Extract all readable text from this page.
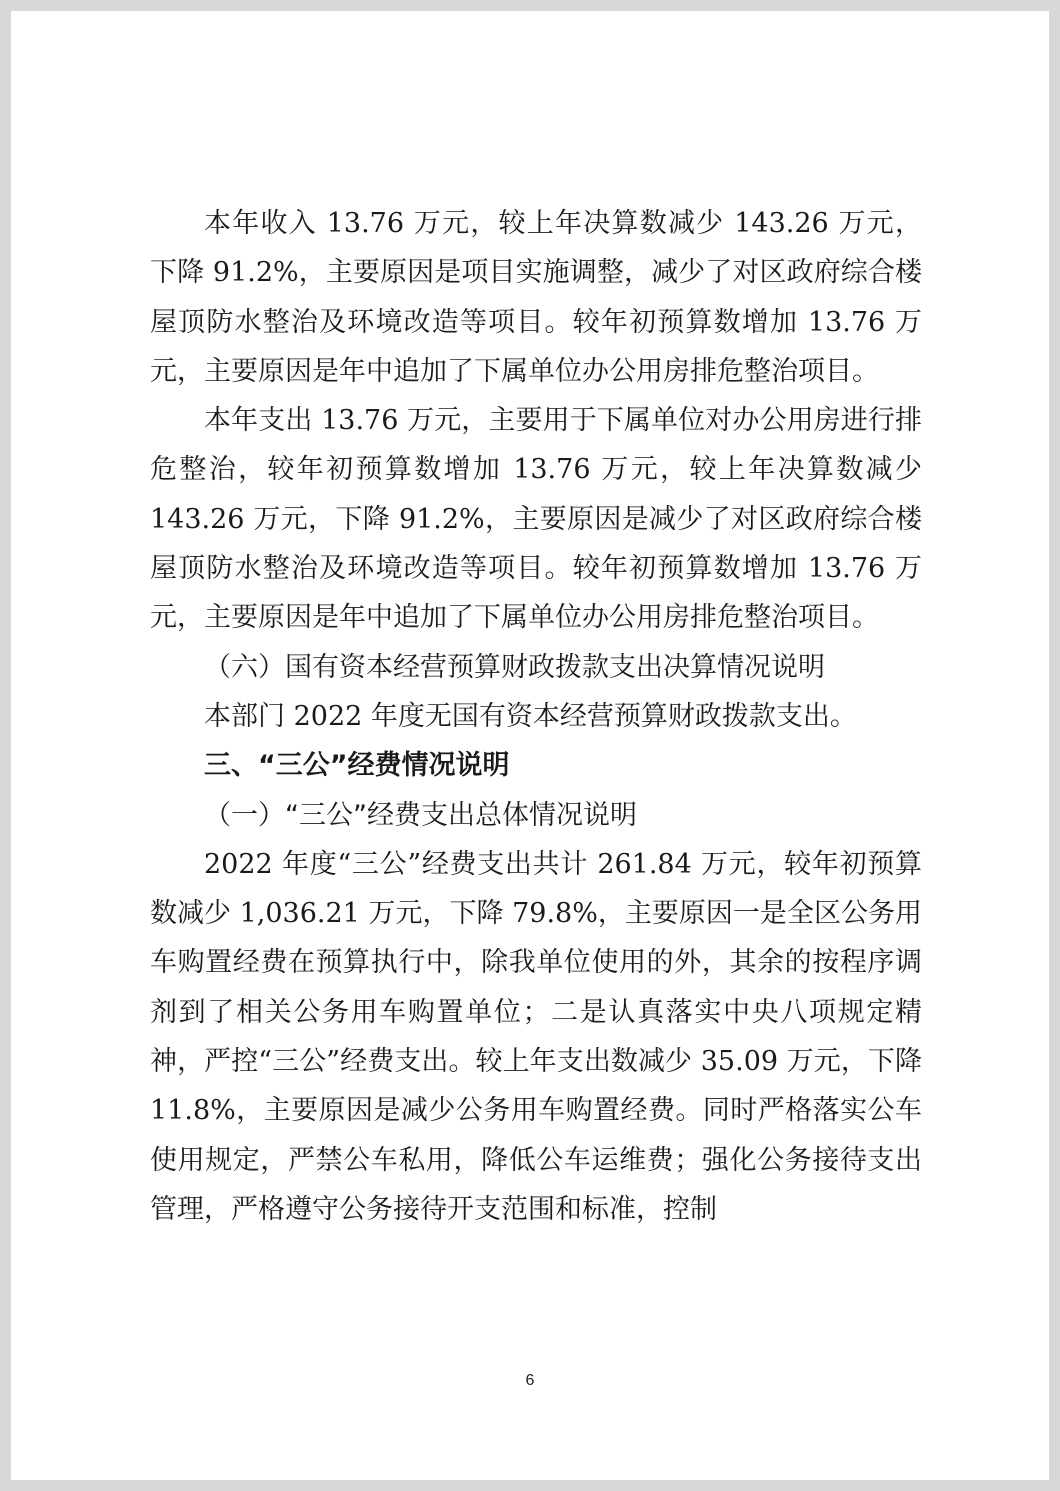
本年收入 13.76 万元，较上年决算数减少 143.26 万元，下降 91.2%，主要原因是项目实施调整，减少了对区政府综合楼屋顶防水整治及环境改造等项目。较年初预算数增加 13.76 万元，主要原因是年中追加了下属单位办公用房排危整治项目。

本年支出 13.76 万元，主要用于下属单位对办公用房进行排危整治，较年初预算数增加 13.76 万元，较上年决算数减少 143.26 万元，下降 91.2%，主要原因是减少了对区政府综合楼屋顶防水整治及环境改造等项目。较年初预算数增加 13.76 万元，主要原因是年中追加了下属单位办公用房排危整治项目。

（六）国有资本经营预算财政拨款支出决算情况说明

本部门 2022 年度无国有资本经营预算财政拨款支出。

三、“三公”经费情况说明

（一）“三公”经费支出总体情况说明

2022 年度“三公”经费支出共计 261.84 万元，较年初预算数减少 1,036.21 万元，下降 79.8%，主要原因一是全区公务用车购置经费在预算执行中，除我单位使用的外，其余的按程序调剂到了相关公务用车购置单位；二是认真落实中央八项规定精神，严控“三公”经费支出。较上年支出数减少 35.09 万元，下降 11.8%，主要原因是减少公务用车购置经费。同时严格落实公车使用规定，严禁公车私用，降低公车运维费；强化公务接待支出管理，严格遵守公务接待开支范围和标准，控制

6
